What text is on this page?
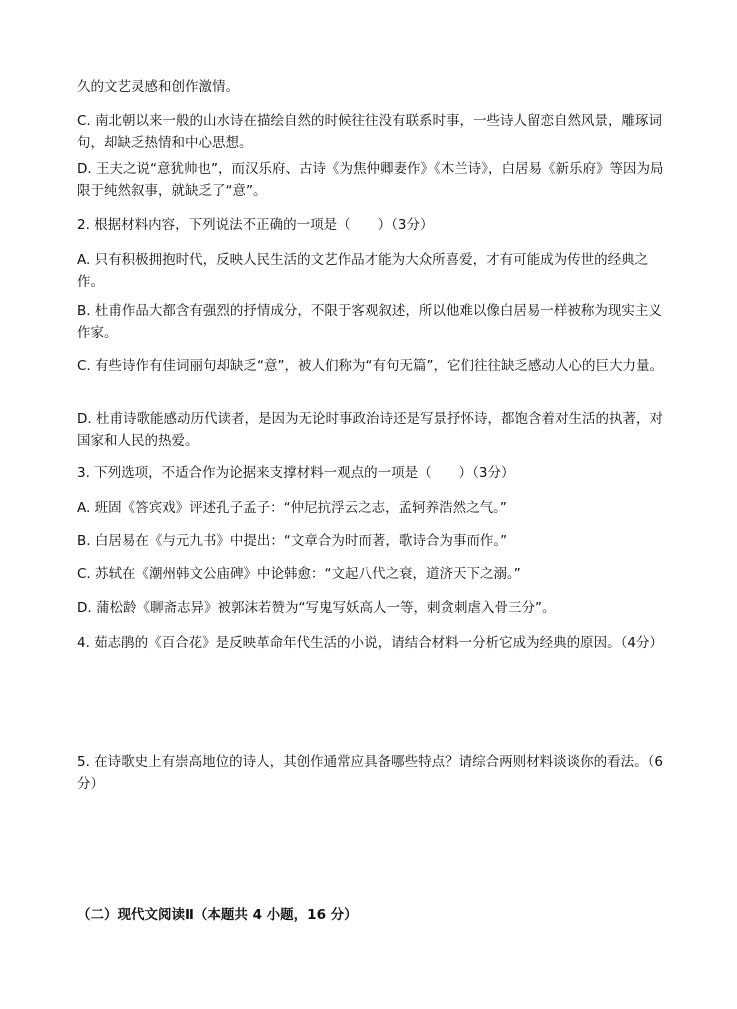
久的文艺灵感和创作激情。
C. 南北朝以来一般的山水诗在描绘自然的时候往往没有联系时事，一些诗人留恋自然风景，雕琢词句，却缺乏热情和中心思想。
D. 王夫之说“意犹帅也”，而汉乐府、古诗《为焦仲卿妻作》《木兰诗》，白居易《新乐府》等因为局限于纯然叙事，就缺乏了“意”。
2. 根据材料内容，下列说法不正确的一项是（　　）（3分）
A. 只有积极拥抱时代，反映人民生活的文艺作品才能为大众所喜爱，才有可能成为传世的经典之作。
B. 杜甫作品大都含有强烈的抒情成分，不限于客观叙述，所以他难以像白居易一样被称为现实主义作家。
C. 有些诗作有佳词丽句却缺乏“意”，被人们称为“有句无篇”，它们往往缺乏感动人心的巨大力量。
D. 杜甫诗歌能感动历代读者，是因为无论时事政治诗还是写景抒怀诗，都饱含着对生活的执著，对国家和人民的热爱。
3. 下列选项，不适合作为论据来支撑材料一观点的一项是（　　）（3分）
A. 班固《答宾戏》评述孔子孟子：“仲尼抗浮云之志，孟轲养浩然之气。”
B. 白居易在《与元九书》中提出：“文章合为时而著，歌诗合为事而作。”
C. 苏轼在《潮州韩文公庙碑》中论韩愈：“文起八代之衰，道济天下之溺。”
D. 蒲松龄《聊斋志异》被郭沫若赞为“写鬼写妖高人一等，刺贪刺虐入骨三分”。
4. 茹志鹃的《百合花》是反映革命年代生活的小说，请结合材料一分析它成为经典的原因。（4分）
5. 在诗歌史上有崇高地位的诗人，其创作通常应具备哪些特点？请综合两则材料谈谈你的看法。（6分）
（二）现代文阅读Ⅱ（本题共 4 小题，16 分）
